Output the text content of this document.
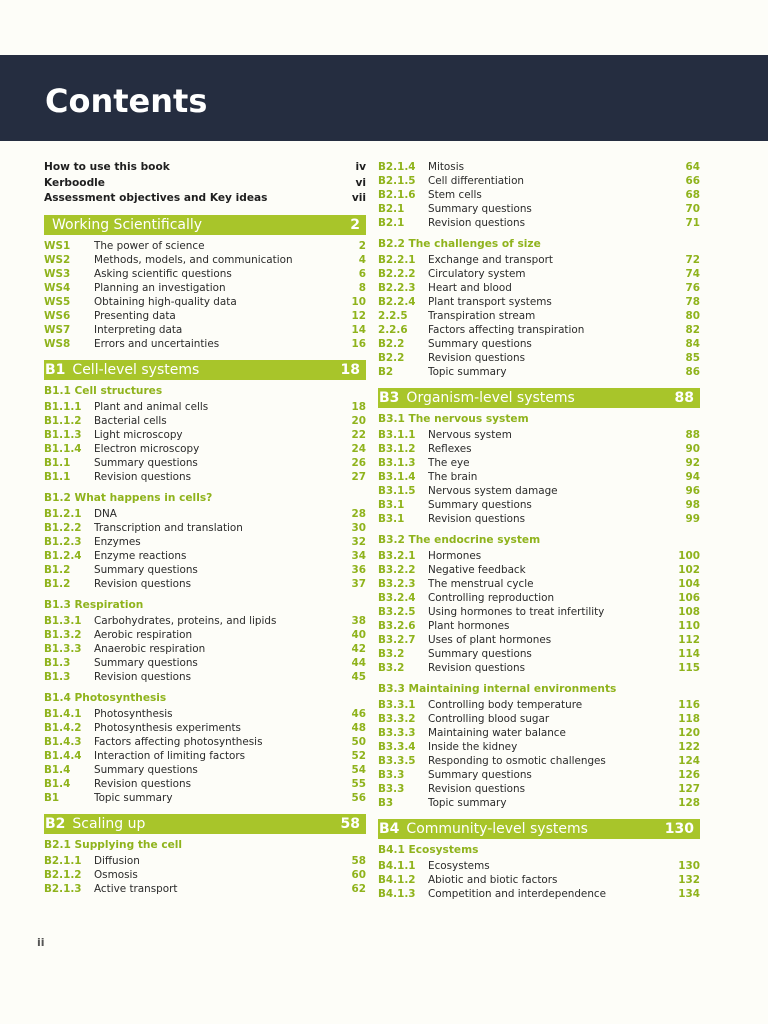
Contents
How to use this book	iv
Kerboodle	vi
Assessment objectives and Key ideas	vii
Working Scientifically	2
WS1	The power of science	2
WS2	Methods, models, and communication	4
WS3	Asking scientific questions	6
WS4	Planning an investigation	8
WS5	Obtaining high-quality data	10
WS6	Presenting data	12
WS7	Interpreting data	14
WS8	Errors and uncertainties	16
B1 Cell-level systems	18
B1.1 Cell structures
B1.1.1	Plant and animal cells	18
B1.1.2	Bacterial cells	20
B1.1.3	Light microscopy	22
B1.1.4	Electron microscopy	24
B1.1	Summary questions	26
B1.1	Revision questions	27
B1.2 What happens in cells?
B1.2.1	DNA	28
B1.2.2	Transcription and translation	30
B1.2.3	Enzymes	32
B1.2.4	Enzyme reactions	34
B1.2	Summary questions	36
B1.2	Revision questions	37
B1.3 Respiration
B1.3.1	Carbohydrates, proteins, and lipids	38
B1.3.2	Aerobic respiration	40
B1.3.3	Anaerobic respiration	42
B1.3	Summary questions	44
B1.3	Revision questions	45
B1.4 Photosynthesis
B1.4.1	Photosynthesis	46
B1.4.2	Photosynthesis experiments	48
B1.4.3	Factors affecting photosynthesis	50
B1.4.4	Interaction of limiting factors	52
B1.4	Summary questions	54
B1.4	Revision questions	55
B1	Topic summary	56
B2 Scaling up	58
B2.1 Supplying the cell
B2.1.1	Diffusion	58
B2.1.2	Osmosis	60
B2.1.3	Active transport	62
B2.1.4	Mitosis	64
B2.1.5	Cell differentiation	66
B2.1.6	Stem cells	68
B2.1	Summary questions	70
B2.1	Revision questions	71
B2.2 The challenges of size
B2.2.1	Exchange and transport	72
B2.2.2	Circulatory system	74
B2.2.3	Heart and blood	76
B2.2.4	Plant transport systems	78
2.2.5	Transpiration stream	80
2.2.6	Factors affecting transpiration	82
B2.2	Summary questions	84
B2.2	Revision questions	85
B2	Topic summary	86
B3 Organism-level systems	88
B3.1 The nervous system
B3.1.1	Nervous system	88
B3.1.2	Reflexes	90
B3.1.3	The eye	92
B3.1.4	The brain	94
B3.1.5	Nervous system damage	96
B3.1	Summary questions	98
B3.1	Revision questions	99
B3.2 The endocrine system
B3.2.1	Hormones	100
B3.2.2	Negative feedback	102
B3.2.3	The menstrual cycle	104
B3.2.4	Controlling reproduction	106
B3.2.5	Using hormones to treat infertility	108
B3.2.6	Plant hormones	110
B3.2.7	Uses of plant hormones	112
B3.2	Summary questions	114
B3.2	Revision questions	115
B3.3 Maintaining internal environments
B3.3.1	Controlling body temperature	116
B3.3.2	Controlling blood sugar	118
B3.3.3	Maintaining water balance	120
B3.3.4	Inside the kidney	122
B3.3.5	Responding to osmotic challenges	124
B3.3	Summary questions	126
B3.3	Revision questions	127
B3	Topic summary	128
B4 Community-level systems	130
B4.1 Ecosystems
B4.1.1	Ecosystems	130
B4.1.2	Abiotic and biotic factors	132
B4.1.3	Competition and interdependence	134
ii
